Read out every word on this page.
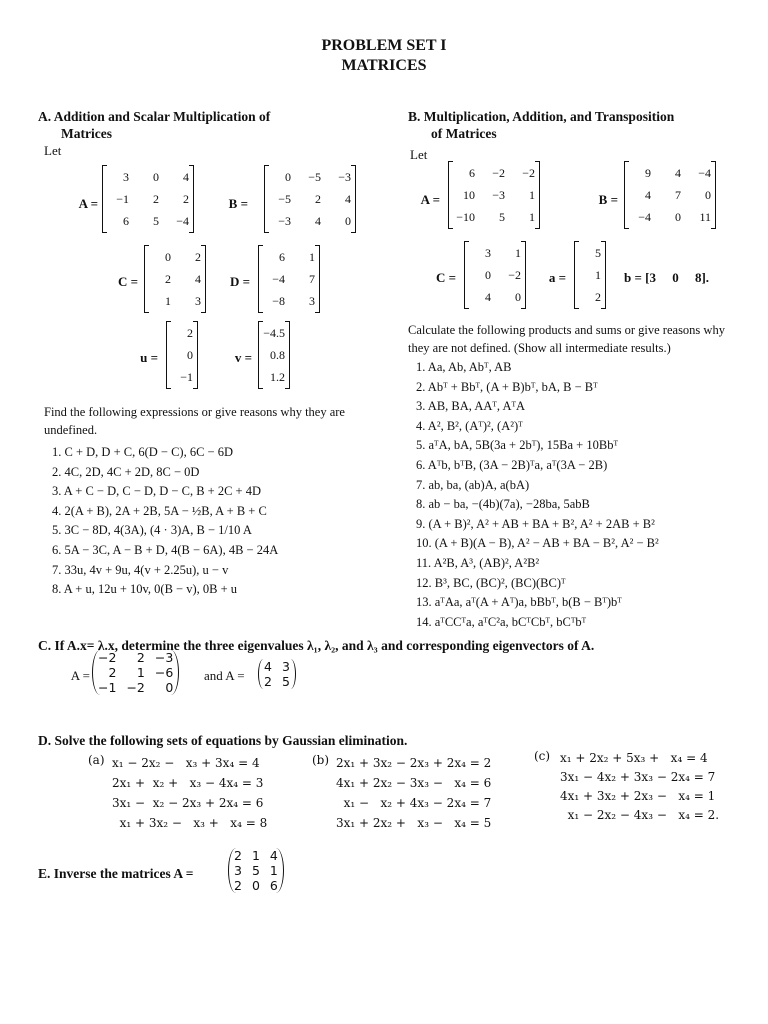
PROBLEM SET I
MATRICES
A. Addition and Scalar Multiplication of
Matrices
Let
A =
3	0	4
−1	2	2
6	5	−4
B =
0	−5	−3
−5	2	4
−3	4	0
C =
0	2
2	4
1	3
D =
6	1
−4	7
−8	3
u =
2
0
−1
v =
−4.5
0.8
1.2
Find the following expressions or give reasons why they are undefined.
1. C + D, D + C, 6(D − C), 6C − 6D
2. 4C, 2D, 4C + 2D, 8C − 0D
3. A + C − D, C − D, D − C, B + 2C + 4D
4. 2(A + B), 2A + 2B, 5A − ½B, A + B + C
5. 3C − 8D, 4(3A), (4 · 3)A, B − 1/10 A
6. 5A − 3C, A − B + D, 4(B − 6A), 4B − 24A
7. 33u, 4v + 9u, 4(v + 2.25u), u − v
8. A + u, 12u + 10v, 0(B − v), 0B + u
B. Multiplication, Addition, and Transposition
of Matrices
Let
A =
6	−2	−2
10	−3	1
−10	5	1
B =
9	4	−4
4	7	0
−4	0	11
C =
3	1
0	−2
4	0
a =
5
1
2
b = [3     0     8].
Calculate the following products and sums or give reasons why they are not defined. (Show all intermediate results.)
1. Aa, Ab, Abᵀ, AB
2. Abᵀ + Bbᵀ, (A + B)bᵀ, bA, B − Bᵀ
3. AB, BA, AAᵀ, AᵀA
4. A², B², (Aᵀ)², (A²)ᵀ
5. aᵀA, bA, 5B(3a + 2bᵀ), 15Ba + 10Bbᵀ
6. Aᵀb, bᵀB, (3A − 2B)ᵀa, aᵀ(3A − 2B)
7. ab, ba, (ab)A, a(bA)
8. ab − ba, −(4b)(7a), −28ba, 5abB
9. (A + B)², A² + AB + BA + B², A² + 2AB + B²
10. (A + B)(A − B), A² − AB + BA − B², A² − B²
11. A²B, A³, (AB)², A²B²
12. B³, BC, (BC)², (BC)(BC)ᵀ
13. aᵀAa, aᵀ(A + Aᵀ)a, bBbᵀ, b(B − Bᵀ)bᵀ
14. aᵀCCᵀa, aᵀC²a, bCᵀCbᵀ, bCᵀbᵀ
C. If A.x= λ.x, determine the three eigenvalues λ₁, λ₂, and λ₃ and corresponding eigenvectors of A.
A =
−2	2	−3
2	1	−6
−1	−2	0
and A =
4	3
2	5
D. Solve the following sets of equations by Gaussian elimination.
(a) x₁ − 2x₂ −   x₃ + 3x₄ = 4
2x₁ +  x₂ +   x₃ − 4x₄ = 3
3x₁ −  x₂ − 2x₃ + 2x₄ = 6
x₁ + 3x₂ −   x₃ +   x₄ = 8
(b) 2x₁ + 3x₂ − 2x₃ + 2x₄ = 2
4x₁ + 2x₂ − 3x₃ −   x₄ = 6
x₁ −   x₂ + 4x₃ − 2x₄ = 7
3x₁ + 2x₂ +   x₃ −   x₄ = 5
(c) x₁ + 2x₂ + 5x₃ +   x₄ = 4
3x₁ − 4x₂ + 3x₃ − 2x₄ = 7
4x₁ + 3x₂ + 2x₃ −   x₄ = 1
x₁ − 2x₂ − 4x₃ −   x₄ = 2.
E. Inverse the matrices A =
2	1	4
3	5	1
2	0	6
